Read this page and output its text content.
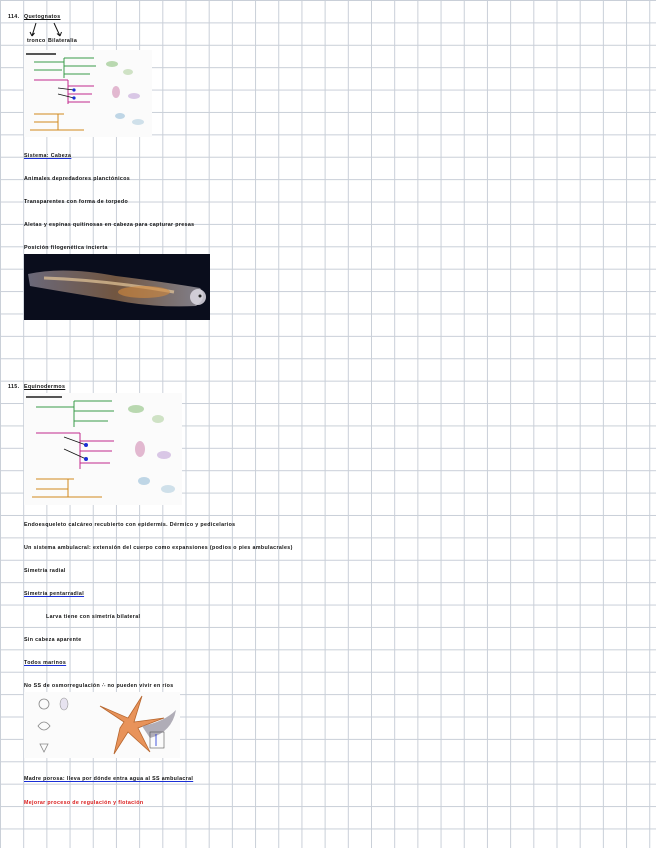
114. Quetognatos
tronco Bilateralia
Sistema: Cabeza
Animales depredadores planctónicos
Transparentes con forma de torpedo
Aletas y espinas quitinosas en cabeza para capturar presas
Posición filogenética incierta
115. Equinodermos
Endoesqueleto calcáreo recubierto con epidermis. Dérmico y pedicelarios
Un sistema ambulacral: extensión del cuerpo como expansiones (podios o pies ambulacrales)
Simetría radial
Simetría pentarradial
Larva tiene con simetría bilateral
Sin cabeza aparente
Todos marinos
No SS de osmorregulación ∴ no pueden vivir en ríos
Madre porosa: lleva por dónde entra agua al SS ambulacral
Mejorar proceso de regulación y flotación
